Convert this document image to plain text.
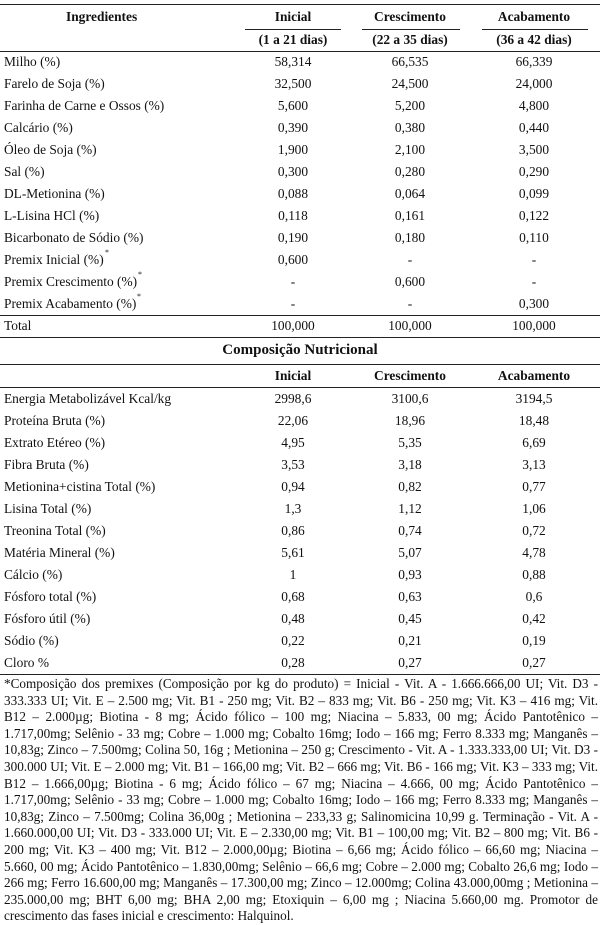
Ingredientes	Inicial	Crescimento	Acabamento
(1 a 21 dias)	(22 a 35 dias)	(36 a 42 dias)
Milho (%)	58,314	66,535	66,339
Farelo de Soja (%)	32,500	24,500	24,000
Farinha de Carne e Ossos (%)	5,600	5,200	4,800
Calcário (%)	0,390	0,380	0,440
Óleo de Soja (%)	1,900	2,100	3,500
Sal (%)	0,300	0,280	0,290
DL-Metionina (%)	0,088	0,064	0,099
L-Lisina HCl (%)	0,118	0,161	0,122
Bicarbonato de Sódio (%)	0,190	0,180	0,110
Premix Inicial (%) *	0,600	-	-
Premix Crescimento (%) *	-	0,600	-
Premix Acabamento (%) *	-	-	0,300
Total	100,000	100,000	100,000
Composição Nutricional
Inicial	Crescimento	Acabamento
Energia Metabolizável Kcal/kg	2998,6	3100,6	3194,5
Proteína Bruta (%)	22,06	18,96	18,48
Extrato Etéreo (%)	4,95	5,35	6,69
Fibra Bruta (%)	3,53	3,18	3,13
Metionina+cistina Total (%)	0,94	0,82	0,77
Lisina Total (%)	1,3	1,12	1,06
Treonina Total (%)	0,86	0,74	0,72
Matéria Mineral (%)	5,61	5,07	4,78
Cálcio (%)	1	0,93	0,88
Fósforo total (%)	0,68	0,63	0,6
Fósforo útil (%)	0,48	0,45	0,42
Sódio (%)	0,22	0,21	0,19
Cloro %	0,28	0,27	0,27
*Composição dos premixes (Composição por kg do produto) = Inicial - Vit. A - 1.666.666,00 UI; Vit. D3 - 333.333 UI; Vit. E – 2.500 mg; Vit. B1 - 250 mg; Vit. B2 – 833 mg; Vit. B6 - 250 mg; Vit. K3 – 416 mg; Vit. B12 – 2.000µg; Biotina - 8 mg; Ácido fólico – 100 mg; Niacina – 5.833, 00 mg; Ácido Pantotênico – 1.717,00mg; Selênio - 33 mg; Cobre – 1.000 mg; Cobalto 16mg; Iodo – 166 mg; Ferro 8.333 mg; Manganês – 10,83g; Zinco – 7.500mg; Colina 50, 16g ; Metionina – 250 g; Crescimento - Vit. A - 1.333.333,00 UI; Vit. D3 - 300.000 UI; Vit. E – 2.000 mg; Vit. B1 – 166,00 mg; Vit. B2 – 666 mg; Vit. B6 - 166 mg; Vit. K3 – 333 mg; Vit. B12 – 1.666,00µg; Biotina - 6 mg; Ácido fólico – 67 mg; Niacina – 4.666, 00 mg; Ácido Pantotênico – 1.717,00mg; Selênio - 33 mg; Cobre – 1.000 mg; Cobalto 16mg; Iodo – 166 mg; Ferro 8.333 mg; Manganês – 10,83g; Zinco – 7.500mg; Colina 36,00g ; Metionina – 233,33 g; Salinomicina 10,99 g. Terminação - Vit. A - 1.660.000,00 UI; Vit. D3 - 333.000 UI; Vit. E – 2.330,00 mg; Vit. B1 – 100,00 mg; Vit. B2 – 800 mg; Vit. B6 - 200 mg; Vit. K3 – 400 mg; Vit. B12 – 2.000,00µg; Biotina – 6,66 mg; Ácido fólico – 66,60 mg; Niacina – 5.660, 00 mg; Ácido Pantotênico – 1.830,00mg; Selênio – 66,6 mg; Cobre – 2.000 mg; Cobalto 26,6 mg; Iodo – 266 mg; Ferro 16.600,00 mg; Manganês – 17.300,00 mg; Zinco – 12.000mg; Colina 43.000,00mg ; Metionina – 235.000,00 mg; BHT 6,00 mg; BHA 2,00 mg; Etoxiquin – 6,00 mg ; Niacina 5.660,00 mg. Promotor de crescimento das fases inicial e crescimento: Halquinol.
